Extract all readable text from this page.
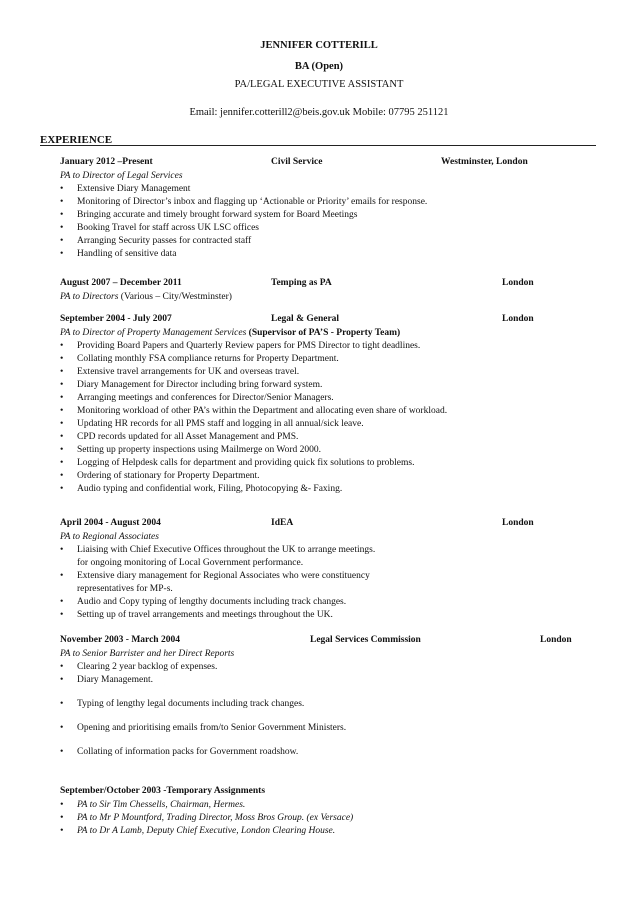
JENNIFER COTTERILL
BA (Open)
PA/LEGAL EXECUTIVE ASSISTANT
Email: jennifer.cotterill2@beis.gov.uk Mobile: 07795 251121
EXPERIENCE
January 2012 –Present	Civil Service	Westminster, London
PA to Director of Legal Services
• Extensive Diary Management
• Monitoring of Director’s inbox and flagging up ‘Actionable or Priority’ emails for response.
• Bringing accurate and timely brought forward system for Board Meetings
• Booking Travel for staff across UK LSC offices
• Arranging Security passes for contracted staff
• Handling of sensitive data
August 2007 – December 2011	Temping as PA	London
PA to Directors (Various – City/Westminster)
September 2004 - July 2007	Legal & General	London
PA to Director of Property Management Services (Supervisor of PA’S - Property Team)
• Providing Board Papers and Quarterly Review papers for PMS Director to tight deadlines.
• Collating monthly FSA compliance returns for Property Department.
• Extensive travel arrangements for UK and overseas travel.
• Diary Management for Director including bring forward system.
• Arranging meetings and conferences for Director/Senior Managers.
• Monitoring workload of other PA’s within the Department and allocating even share of workload.
• Updating HR records for all PMS staff and logging in all annual/sick leave.
• CPD records updated for all Asset Management and PMS.
• Setting up property inspections using Mailmerge on Word 2000.
• Logging of Helpdesk calls for department and providing quick fix solutions to problems.
• Ordering of stationary for Property Department.
• Audio typing and confidential work, Filing, Photocopying &- Faxing.
April 2004 - August 2004	IdEA	London
PA to Regional Associates
• Liaising with Chief Executive Offices throughout the UK to arrange meetings.
for ongoing monitoring of Local Government performance.
• Extensive diary management for Regional Associates who were constituency
representatives for MP-s.
• Audio and Copy typing of lengthy documents including track changes.
• Setting up of travel arrangements and meetings throughout the UK.
November 2003 - March 2004	Legal Services Commission	London
PA to Senior Barrister and her Direct Reports
• Clearing 2 year backlog of expenses.
• Diary Management.
• Typing of lengthy legal documents including track changes.
• Opening and prioritising emails from/to Senior Government Ministers.
• Collating of information packs for Government roadshow.
September/October 2003 -Temporary Assignments
• PA to Sir Tim Chessells, Chairman, Hermes.
• PA to Mr P Mountford, Trading Director, Moss Bros Group. (ex Versace)
• PA to Dr A Lamb, Deputy Chief Executive, London Clearing House.
